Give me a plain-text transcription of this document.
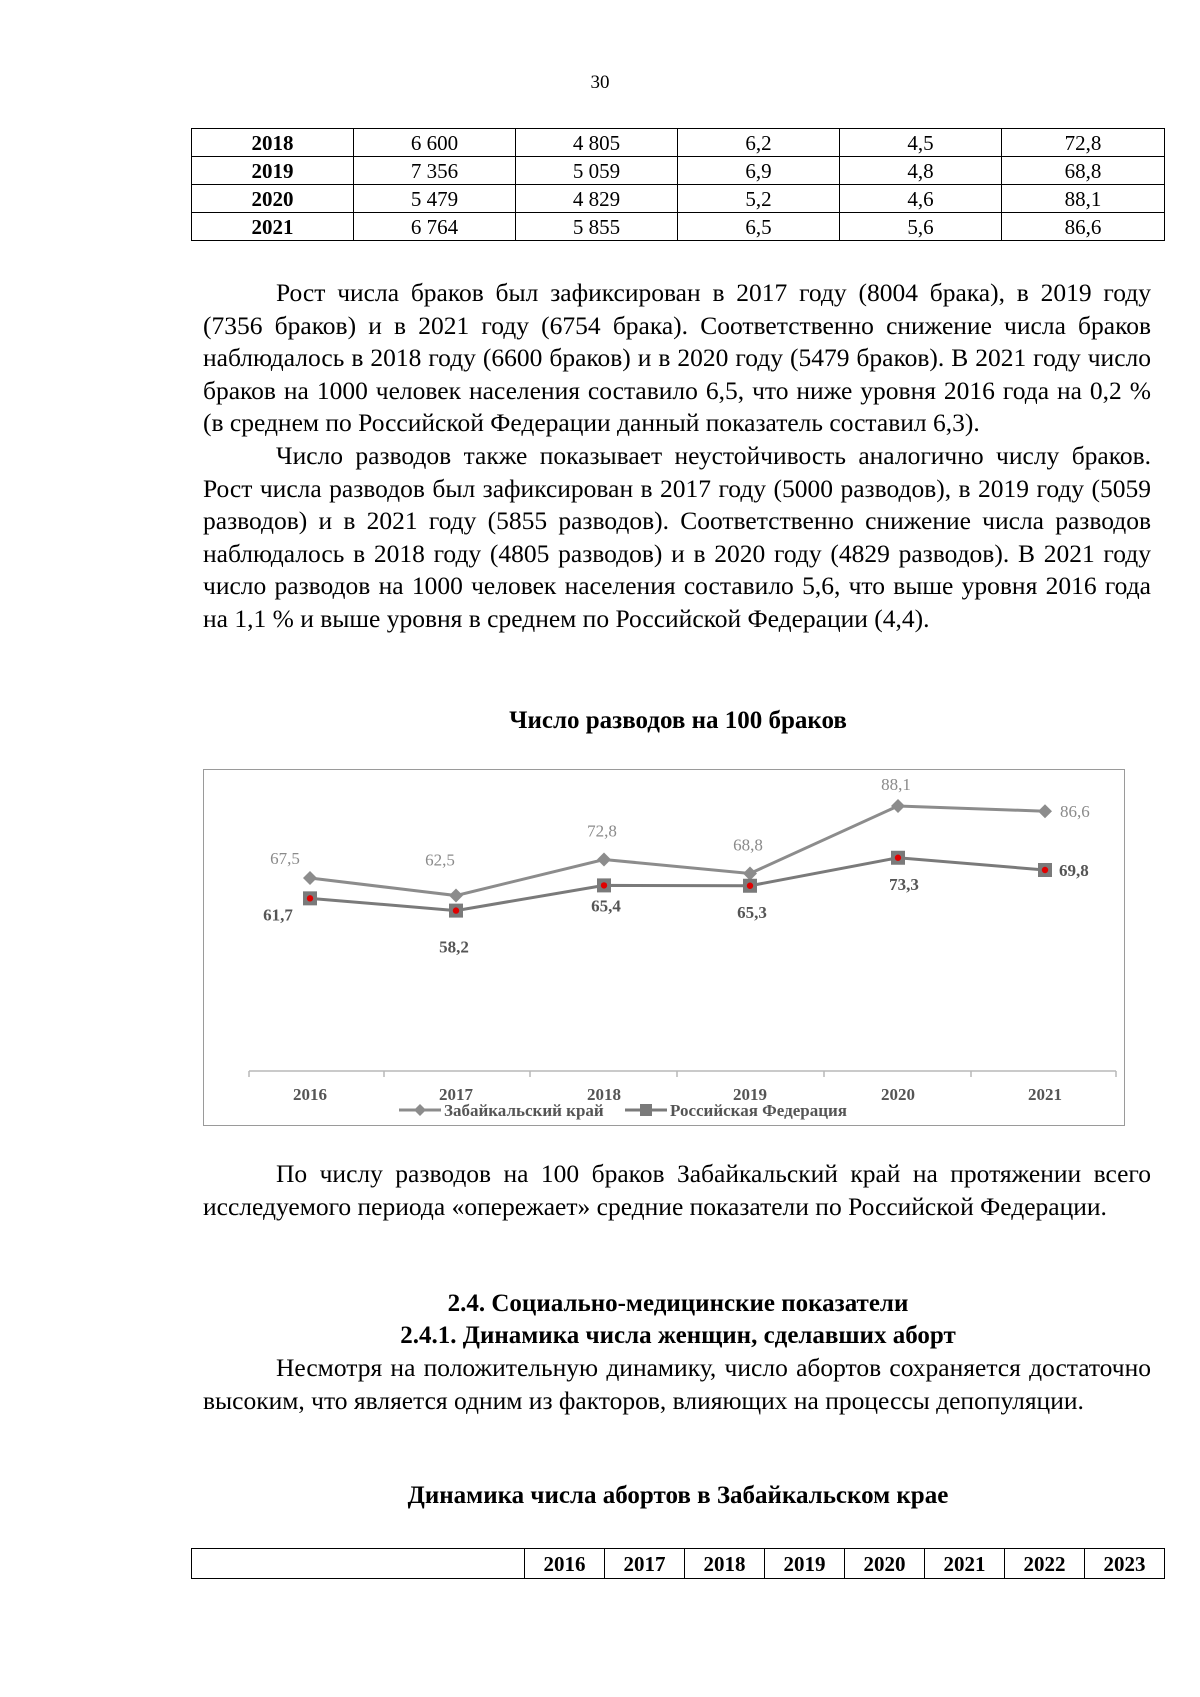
30
2018	6 600	4 805	6,2	4,5	72,8
2019	7 356	5 059	6,9	4,8	68,8
2020	5 479	4 829	5,2	4,6	88,1
2021	6 764	5 855	6,5	5,6	86,6

Рост числа браков был зафиксирован в 2017 году (8004 брака), в 2019 году (7356 браков) и в 2021 году (6754 брака). Соответственно снижение числа браков наблюдалось в 2018 году (6600 браков) и в 2020 году (5479 браков). В 2021 году число браков на 1000 человек населения составило 6,5, что ниже уровня 2016 года на 0,2 % (в среднем по Российской Федерации данный показатель составил 6,3).

Число разводов также показывает неустойчивость аналогично числу браков. Рост числа разводов был зафиксирован в 2017 году (5000 разводов), в 2019 году (5059 разводов) и в 2021 году (5855 разводов). Соответственно снижение числа разводов наблюдалось в 2018 году (4805 разводов) и в 2020 году (4829 разводов). В 2021 году число разводов на 1000 человек населения составило 5,6, что выше уровня 2016 года на 1,1 % и выше уровня в среднем по Российской Федерации (4,4).

Число разводов на 100 браков
2016	2017	2018	2019	2020	2021
67,5	62,5
72,8
68,8
88,1
86,6
61,7
58,2
65,4	65,3
73,3
69,8
Забайкальский край	Российская Федерация

По числу разводов на 100 браков Забайкальский край на протяжении всего исследуемого периода «опережает» средние показатели по Российской Федерации.

2.4. Социально-медицинские показатели
2.4.1. Динамика числа женщин, сделавших аборт

Несмотря на положительную динамику, число абортов сохраняется достаточно высоким, что является одним из факторов, влияющих на процессы депопуляции.

Динамика числа абортов в Забайкальском крае
	2016	2017	2018	2019	2020	2021	2022	2023
